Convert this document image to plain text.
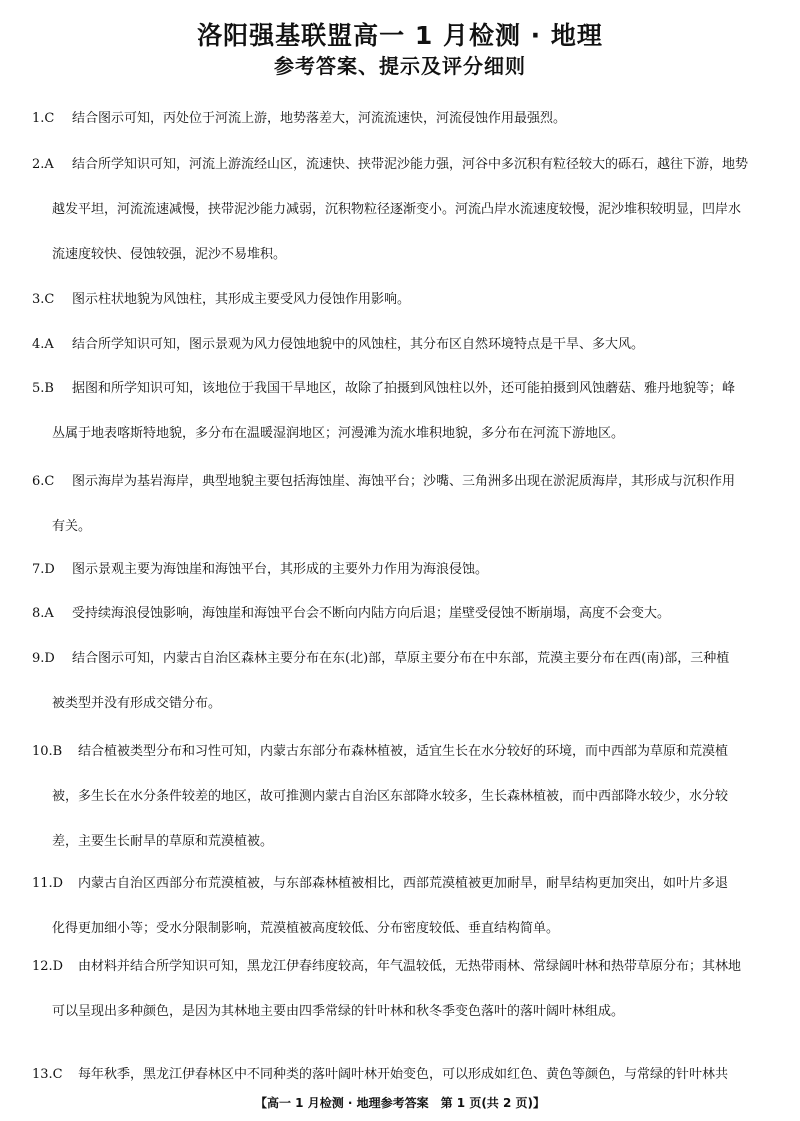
洛阳强基联盟高一 1 月检测 · 地理
参考答案、提示及评分细则
1.C 结合图示可知，丙处位于河流上游，地势落差大，河流流速快，河流侵蚀作用最强烈。
2.A 结合所学知识可知，河流上游流经山区，流速快、挟带泥沙能力强，河谷中多沉积有粒径较大的砾石，越往下游，地势
越发平坦，河流流速减慢，挟带泥沙能力减弱，沉积物粒径逐渐变小。河流凸岸水流速度较慢，泥沙堆积较明显，凹岸水
流速度较快、侵蚀较强，泥沙不易堆积。
3.C 图示柱状地貌为风蚀柱，其形成主要受风力侵蚀作用影响。
4.A 结合所学知识可知，图示景观为风力侵蚀地貌中的风蚀柱，其分布区自然环境特点是干旱、多大风。
5.B 据图和所学知识可知，该地位于我国干旱地区，故除了拍摄到风蚀柱以外，还可能拍摄到风蚀蘑菇、雅丹地貌等；峰
丛属于地表喀斯特地貌，多分布在温暖湿润地区；河漫滩为流水堆积地貌，多分布在河流下游地区。
6.C 图示海岸为基岩海岸，典型地貌主要包括海蚀崖、海蚀平台；沙嘴、三角洲多出现在淤泥质海岸，其形成与沉积作用
有关。
7.D 图示景观主要为海蚀崖和海蚀平台，其形成的主要外力作用为海浪侵蚀。
8.A 受持续海浪侵蚀影响，海蚀崖和海蚀平台会不断向内陆方向后退；崖壁受侵蚀不断崩塌，高度不会变大。
9.D 结合图示可知，内蒙古自治区森林主要分布在东(北)部，草原主要分布在中东部，荒漠主要分布在西(南)部，三种植
被类型并没有形成交错分布。
10.B 结合植被类型分布和习性可知，内蒙古东部分布森林植被，适宜生长在水分较好的环境，而中西部为草原和荒漠植
被，多生长在水分条件较差的地区，故可推测内蒙古自治区东部降水较多，生长森林植被，而中西部降水较少，水分较
差，主要生长耐旱的草原和荒漠植被。
11.D 内蒙古自治区西部分布荒漠植被，与东部森林植被相比，西部荒漠植被更加耐旱，耐旱结构更加突出，如叶片多退
化得更加细小等；受水分限制影响，荒漠植被高度较低、分布密度较低、垂直结构简单。
12.D 由材料并结合所学知识可知，黑龙江伊春纬度较高，年气温较低，无热带雨林、常绿阔叶林和热带草原分布；其林地
可以呈现出多种颜色，是因为其林地主要由四季常绿的针叶林和秋冬季变色落叶的落叶阔叶林组成。
13.C 每年秋季，黑龙江伊春林区中不同种类的落叶阔叶林开始变色，可以形成如红色、黄色等颜色，与常绿的针叶林共
【高一 1 月检测 · 地理参考答案　第 1 页(共 2 页)】
